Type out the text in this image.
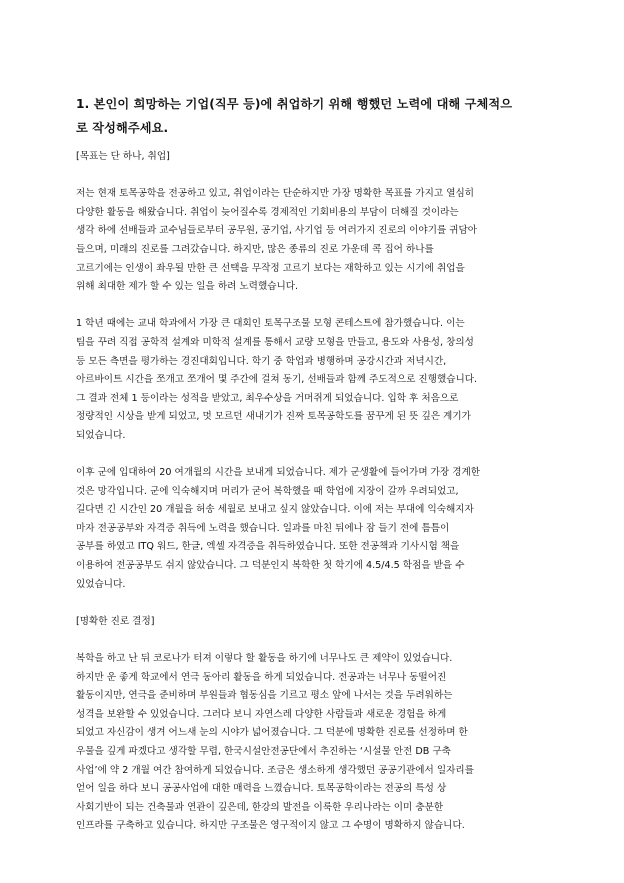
1. 본인이 희망하는 기업(직무 등)에 취업하기 위해 행했던 노력에 대해 구체적으
로 작성해주세요.
[목표는 단 하나, 취업]
저는 현재 토목공학을 전공하고 있고, 취업이라는 단순하지만 가장 명확한 목표를 가지고 열심히
다양한 활동을 해왔습니다. 취업이 늦어질수록 경제적인 기회비용의 부담이 더해질 것이라는
생각 하에 선배들과 교수님들로부터 공무원, 공기업, 사기업 등 여러가지 진로의 이야기를 귀담아
들으며, 미래의 진로를 그려갔습니다. 하지만, 많은 종류의 진로 가운데 콕 집어 하나를
고르기에는 인생이 좌우될 만한 큰 선택을 무작정 고르기 보다는 재학하고 있는 시기에 취업을
위해 최대한 제가 할 수 있는 일을 하려 노력했습니다.
1 학년 때에는 교내 학과에서 가장 큰 대회인 토목구조물 모형 콘테스트에 참가했습니다. 이는
팀을 꾸려 직접 공학적 설계와 미학적 설계를 통해서 교량 모형을 만들고, 용도와 사용성, 창의성
등 모든 측면을 평가하는 경진대회입니다. 학기 중 학업과 병행하며 공강시간과 저녁시간,
아르바이트 시간을 쪼개고 쪼개어 몇 주간에 걸쳐 동기, 선배들과 함께 주도적으로 진행했습니다.
그 결과 전체 1 등이라는 성적을 받았고, 최우수상을 거머쥐게 되었습니다. 입학 후 처음으로
정량적인 시상을 받게 되었고, 멋 모르던 새내기가 진짜 토목공학도를 꿈꾸게 된 뜻 깊은 계기가
되었습니다.
이후 군에 입대하여 20 여개월의 시간을 보내게 되었습니다. 제가 군생활에 들어가며 가장 경계한
것은 망각입니다. 군에 익숙해지며 머리가 굳어 복학했을 때 학업에 지장이 갈까 우려되었고,
길다면 긴 시간인 20 개월을 허송 세월로 보내고 싶지 않았습니다. 이에 저는 부대에 익숙해지자
마자 전공공부와 자격증 취득에 노력을 했습니다. 일과를 마친 뒤에나 잠 들기 전에 틈틈이
공부를 하였고 ITQ 워드, 한글, 엑셀 자격증을 취득하였습니다. 또한 전공책과 기사시험 책을
이용하여 전공공부도 쉬지 않았습니다. 그 덕분인지 복학한 첫 학기에 4.5/4.5 학점을 받을 수
있었습니다.
[명확한 진로 결정]
복학을 하고 난 뒤 코로나가 터져 이렇다 할 활동을 하기에 너무나도 큰 제약이 있었습니다.
하지만 운 좋게 학교에서 연극 동아리 활동을 하게 되었습니다. 전공과는 너무나 동떨어진
활동이지만, 연극을 준비하며 부원들과 협동심을 기르고 평소 앞에 나서는 것을 두려워하는
성격을 보완할 수 있었습니다. 그러다 보니 자연스레 다양한 사람들과 새로운 경험을 하게
되었고 자신감이 생겨 어느새 눈의 시야가 넓어졌습니다. 그 덕분에 명확한 진로를 선정하며 한
우물을 깊게 파겠다고 생각할 무렵, 한국시설안전공단에서 추진하는 ‘시설물 안전 DB 구축
사업’에 약 2 개월 여간 참여하게 되었습니다. 조금은 생소하게 생각했던 공공기관에서 일자리를
얻어 일을 하다 보니 공공사업에 대한 매력을 느꼈습니다. 토목공학이라는 전공의 특성 상
사회기반이 되는 건축물과 연관이 깊은데, 한강의 발전을 이룩한 우리나라는 이미 충분한
인프라를 구축하고 있습니다. 하지만 구조물은 영구적이지 않고 그 수명이 명확하지 않습니다.
